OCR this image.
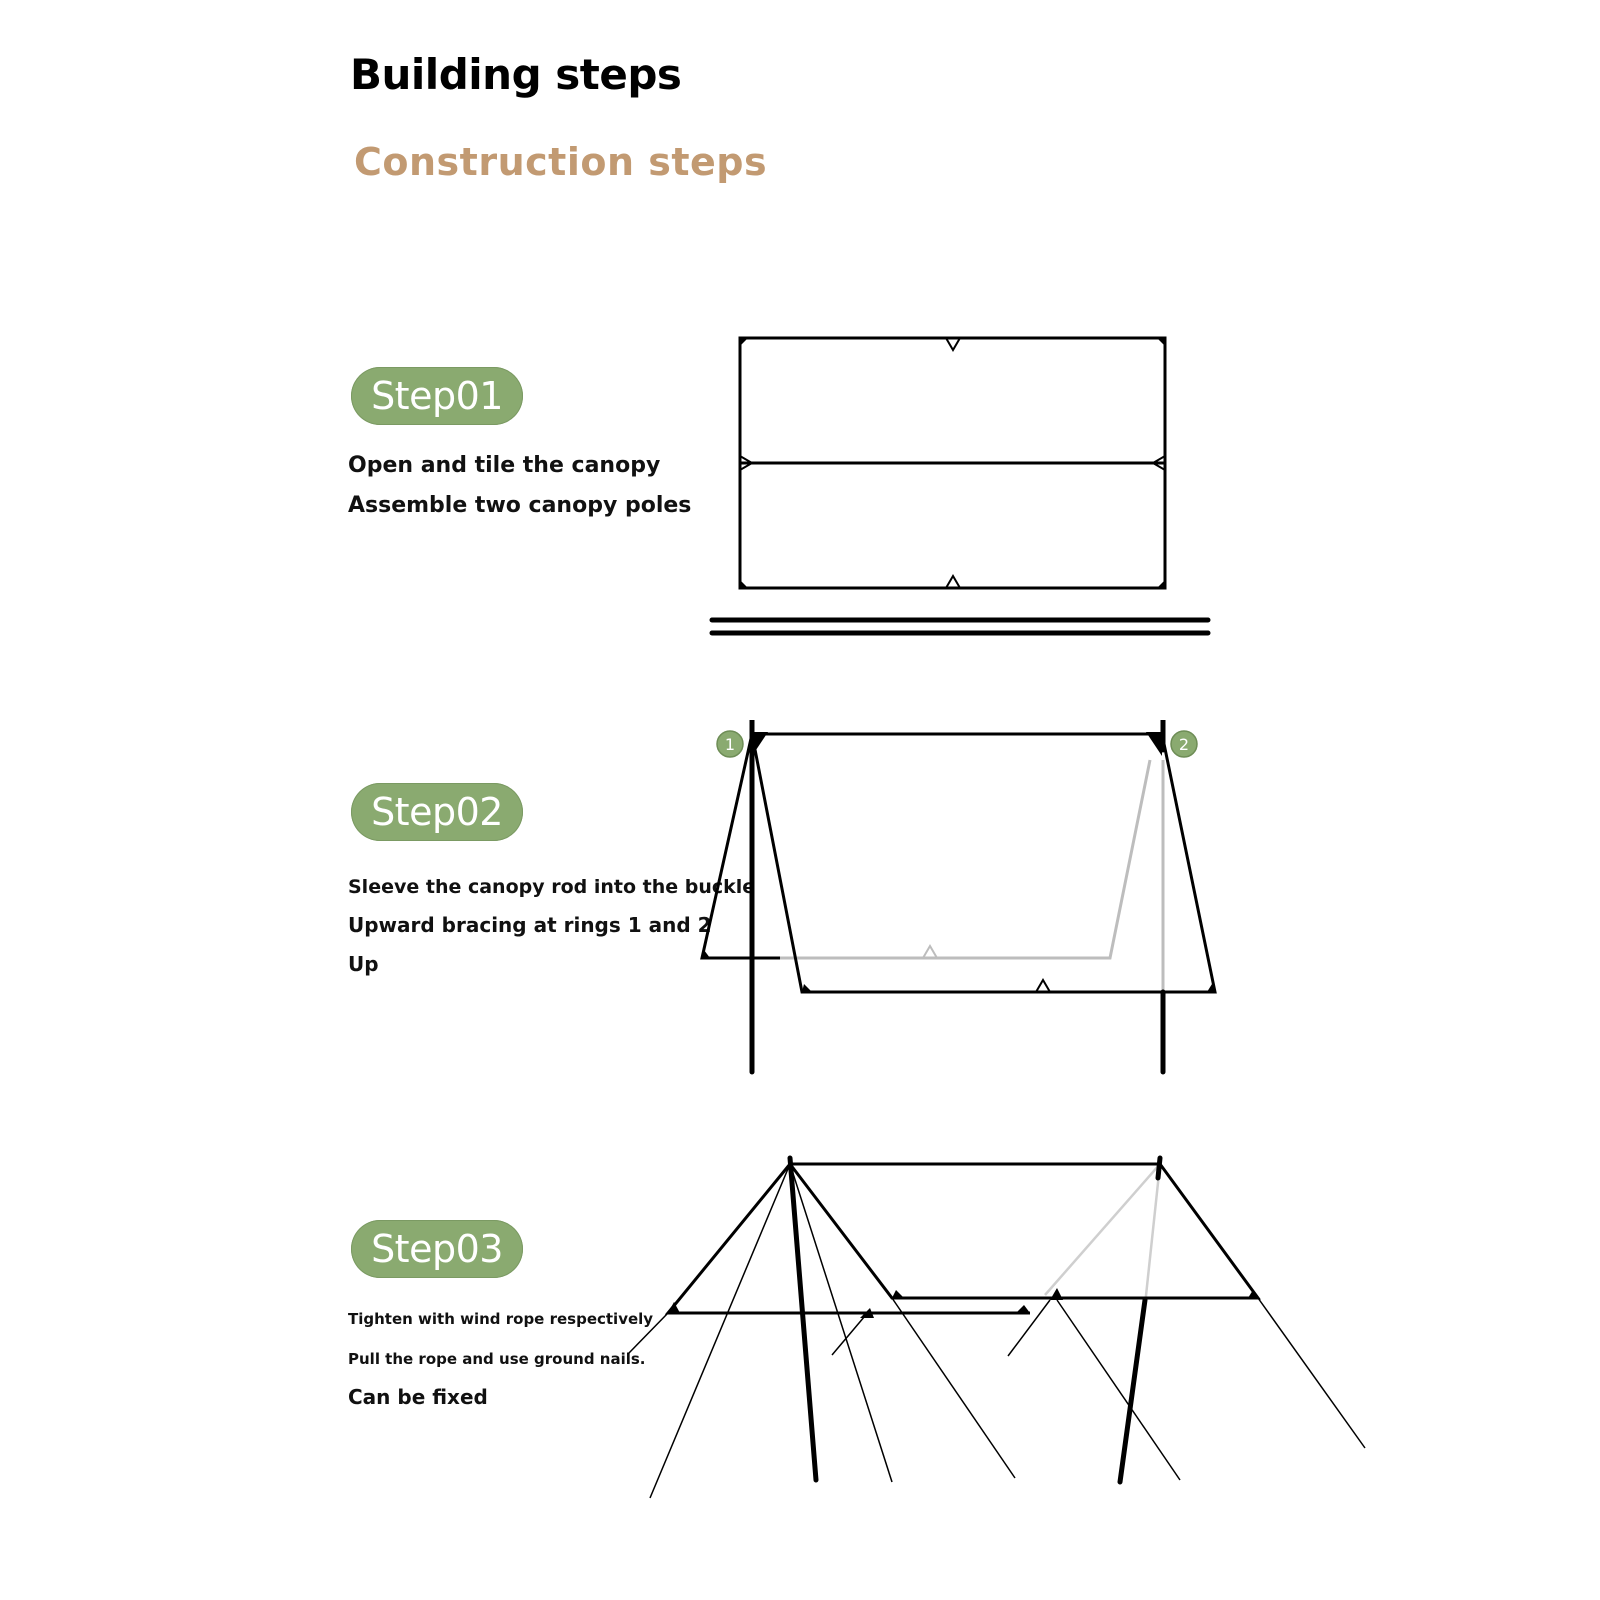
Building steps
Construction steps
Step01
Open and tile the canopy
Assemble two canopy poles
Step02
Sleeve the canopy rod into the buckle
Upward bracing at rings 1 and 2
Up
1	2
Step03
Tighten with wind rope respectively
Pull the rope and use ground nails.
Can be fixed
